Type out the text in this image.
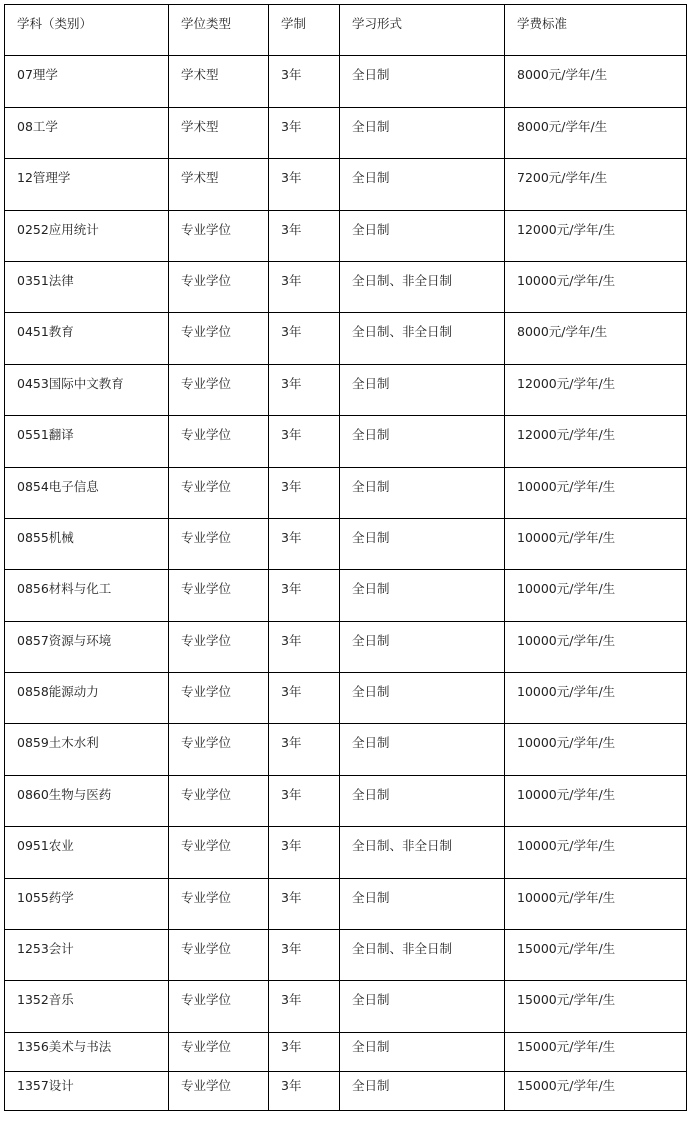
学科（类别）	学位类型	学制	学习形式	学费标准
07理学	学术型	3年	全日制	8000元/学年/生
08工学	学术型	3年	全日制	8000元/学年/生
12管理学	学术型	3年	全日制	7200元/学年/生
0252应用统计	专业学位	3年	全日制	12000元/学年/生
0351法律	专业学位	3年	全日制、非全日制	10000元/学年/生
0451教育	专业学位	3年	全日制、非全日制	8000元/学年/生
0453国际中文教育	专业学位	3年	全日制	12000元/学年/生
0551翻译	专业学位	3年	全日制	12000元/学年/生
0854电子信息	专业学位	3年	全日制	10000元/学年/生
0855机械	专业学位	3年	全日制	10000元/学年/生
0856材料与化工	专业学位	3年	全日制	10000元/学年/生
0857资源与环境	专业学位	3年	全日制	10000元/学年/生
0858能源动力	专业学位	3年	全日制	10000元/学年/生
0859土木水利	专业学位	3年	全日制	10000元/学年/生
0860生物与医药	专业学位	3年	全日制	10000元/学年/生
0951农业	专业学位	3年	全日制、非全日制	10000元/学年/生
1055药学	专业学位	3年	全日制	10000元/学年/生
1253会计	专业学位	3年	全日制、非全日制	15000元/学年/生
1352音乐	专业学位	3年	全日制	15000元/学年/生
1356美术与书法	专业学位	3年	全日制	15000元/学年/生
1357设计	专业学位	3年	全日制	15000元/学年/生
